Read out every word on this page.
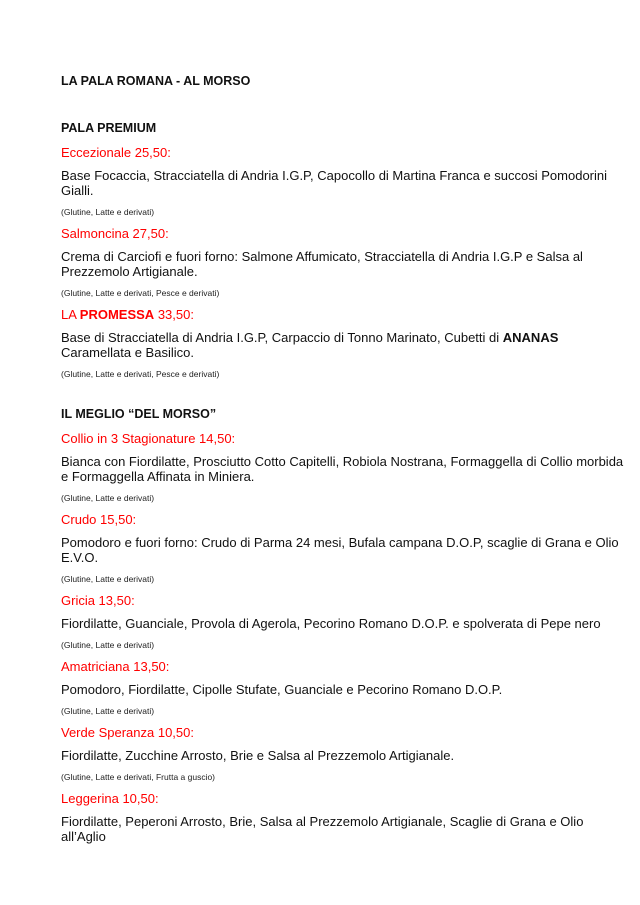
LA PALA ROMANA - AL MORSO
PALA PREMIUM
Eccezionale 25,50:
Base Focaccia, Stracciatella di Andria I.G.P, Capocollo di Martina Franca e succosi Pomodorini
Gialli.
(Glutine, Latte e derivati)
Salmoncina 27,50:
Crema di Carciofi e fuori forno: Salmone Affumicato, Stracciatella di Andria I.G.P e Salsa al
Prezzemolo Artigianale.
(Glutine, Latte e derivati, Pesce e derivati)
LA PROMESSA 33,50:
Base di Stracciatella di Andria I.G.P, Carpaccio di Tonno Marinato, Cubetti di ANANAS
Caramellata e Basilico.
(Glutine, Latte e derivati, Pesce e derivati)
IL MEGLIO “DEL MORSO”
Collio in 3 Stagionature 14,50:
Bianca con Fiordilatte, Prosciutto Cotto Capitelli, Robiola Nostrana, Formaggella di Collio morbida
e Formaggella Affinata in Miniera.
(Glutine, Latte e derivati)
Crudo 15,50:
Pomodoro e fuori forno: Crudo di Parma 24 mesi, Bufala campana D.O.P, scaglie di Grana e Olio
E.V.O.
(Glutine, Latte e derivati)
Gricia 13,50:
Fiordilatte, Guanciale, Provola di Agerola, Pecorino Romano D.O.P. e spolverata di Pepe nero
(Glutine, Latte e derivati)
Amatriciana 13,50:
Pomodoro, Fiordilatte, Cipolle Stufate, Guanciale e Pecorino Romano D.O.P.
(Glutine, Latte e derivati)
Verde Speranza 10,50:
Fiordilatte, Zucchine Arrosto, Brie e Salsa al Prezzemolo Artigianale.
(Glutine, Latte e derivati, Frutta a guscio)
Leggerina 10,50:
Fiordilatte, Peperoni Arrosto, Brie, Salsa al Prezzemolo Artigianale, Scaglie di Grana e Olio
all’Aglio
